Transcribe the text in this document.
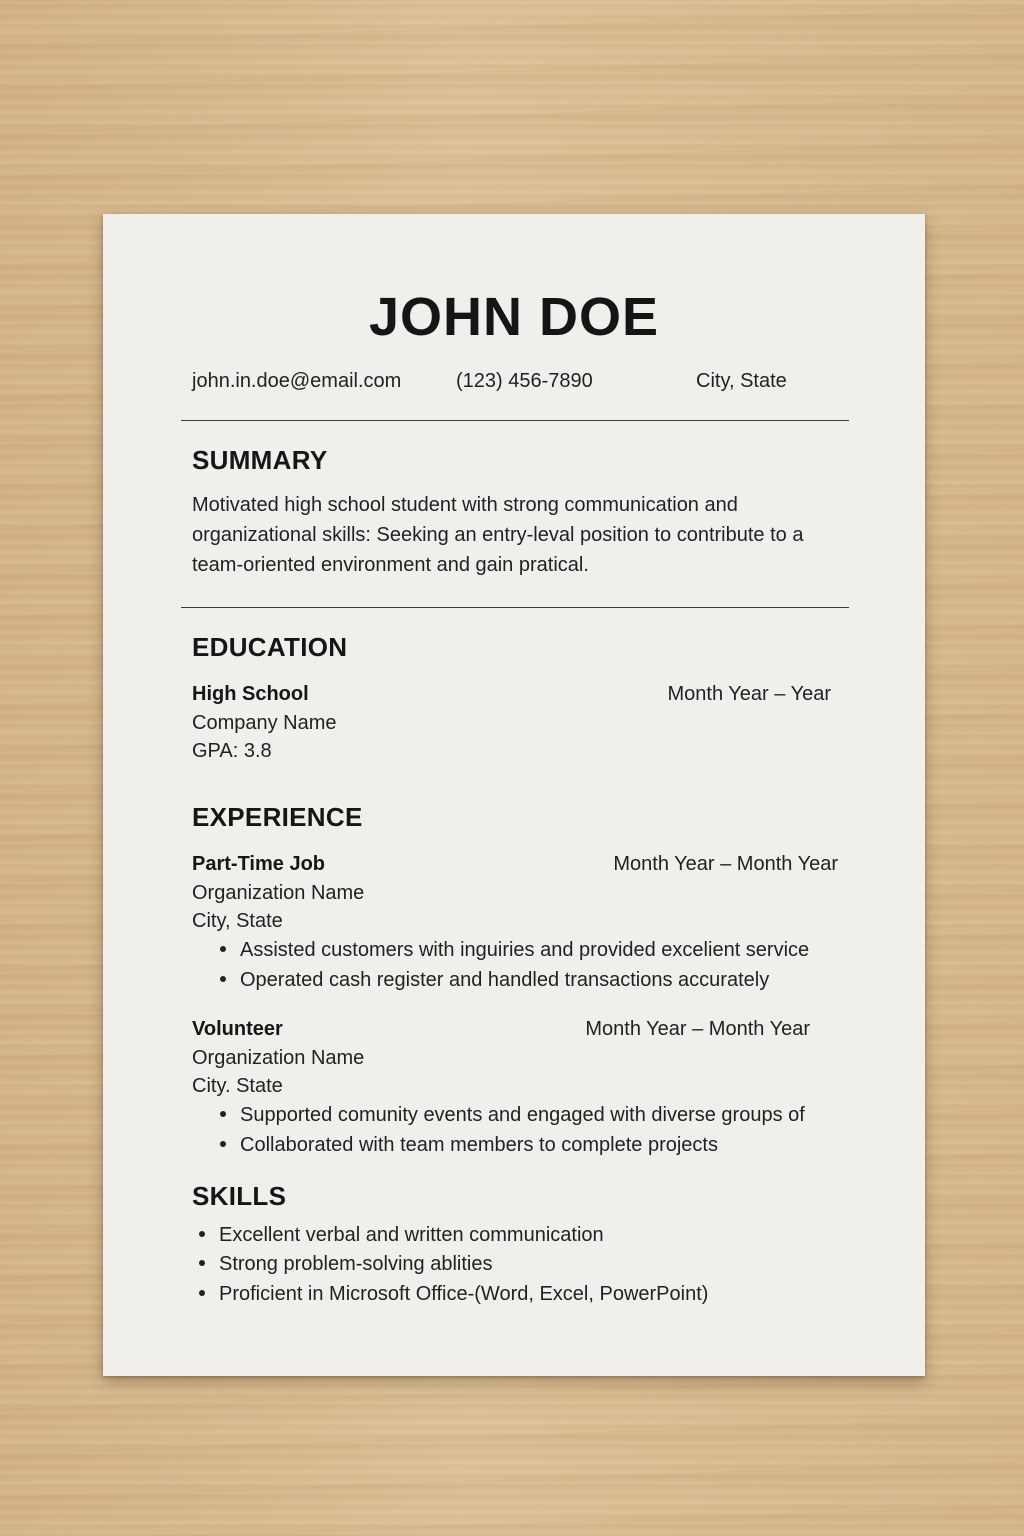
JOHN DOE
john.in.doe@email.com	(123) 456-7890	City, State
SUMMARY
Motivated high school student with strong communication and organizational skills: Seeking an entry-leval position to contribute to a team-oriented environment and gain pratical.
EDUCATION
High School	Month Year – Year
Company Name
GPA: 3.8
EXPERIENCE
Part-Time Job	Month Year – Month Year
Organization Name
City, State
Assisted customers with inguiries and provided excelient service
Operated cash register and handled transactions accurately
Volunteer	Month Year – Month Year
Organization Name
City. State
Supported comunity events and engaged with diverse groups of
Collaborated with team members to complete projects
SKILLS
Excellent verbal and written communication
Strong problem-solving ablities
Proficient in Microsoft Office-(Word, Excel, PowerPoint)
